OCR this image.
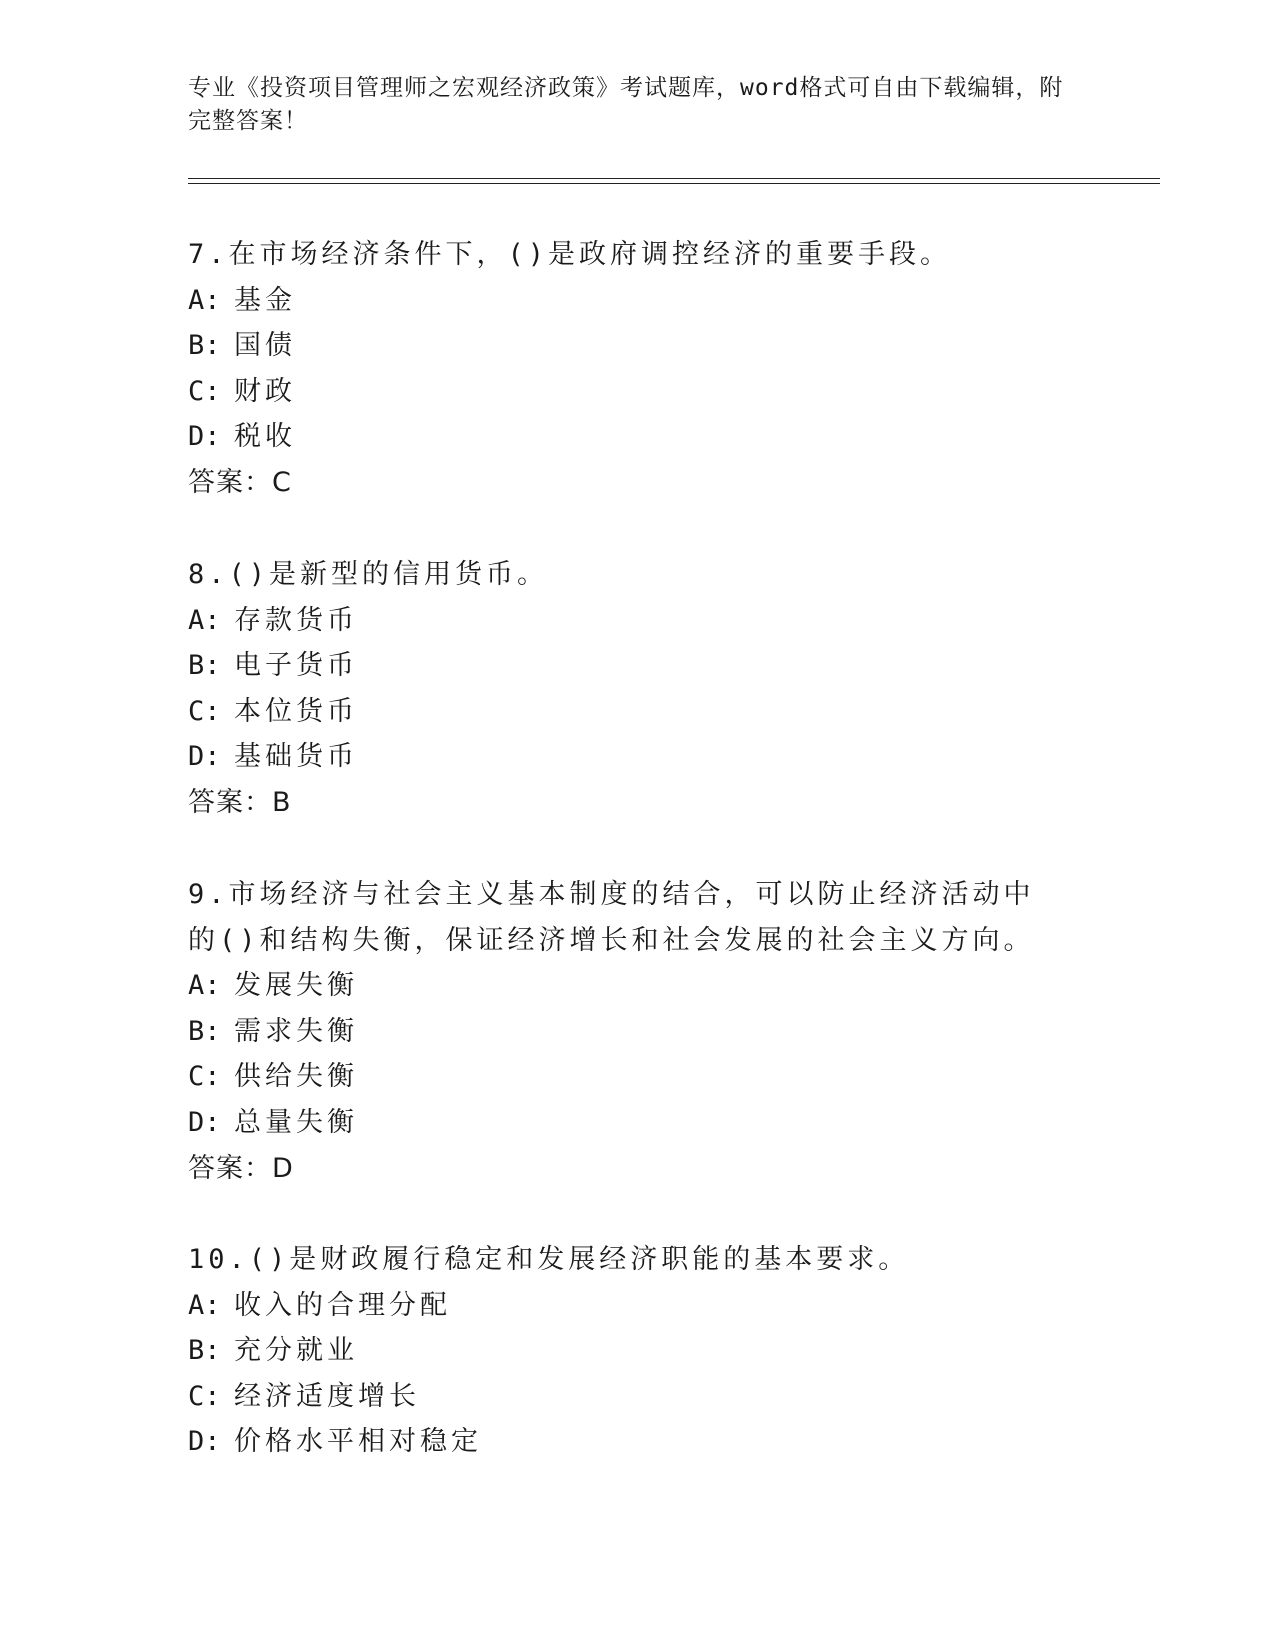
专业《投资项目管理师之宏观经济政策》考试题库，word格式可自由下载编辑，附完整答案！
7.在市场经济条件下，()是政府调控经济的重要手段。
A: 基金
B: 国债
C: 财政
D: 税收
答案：C
8.()是新型的信用货币。
A: 存款货币
B: 电子货币
C: 本位货币
D: 基础货币
答案：B
9.市场经济与社会主义基本制度的结合，可以防止经济活动中的()和结构失衡，保证经济增长和社会发展的社会主义方向。
A: 发展失衡
B: 需求失衡
C: 供给失衡
D: 总量失衡
答案：D
10.()是财政履行稳定和发展经济职能的基本要求。
A: 收入的合理分配
B: 充分就业
C: 经济适度增长
D: 价格水平相对稳定
